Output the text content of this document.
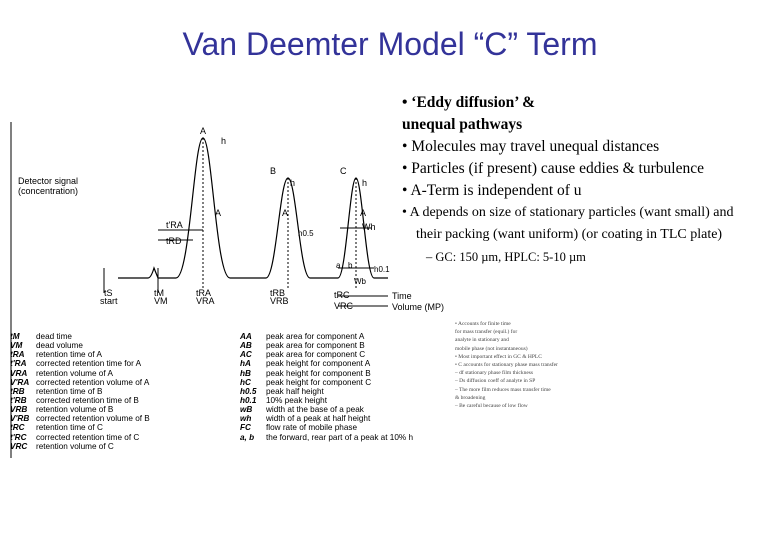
Van Deemter Model “C” Term
Detector signal
(concentration)
A
B	C
h
h	h
A	A	A
t'RA
tRD
h0.5
Wh
a b	h0.1
Wb
tS
start
tM
VM
tRA
VRA
tRB
VRB
tRC
VRC
Time
Volume (MP)
tM dead time
VM dead volume
tRA retention time of A
t'RA corrected retention time for A
VRA retention volume of A
V'RA corrected retention volume of A
tRB retention time of B
t'RB corrected retention time of B
VRB retention volume of B
V'RB corrected retention volume of B
tRC retention time of C
t'RC corrected retention time of C
VRC retention volume of C
AA peak area for component A
AB peak area for component B
AC peak area for component C
hA peak height for component A
hB peak height for component B
hC peak height for component C
h0.5 peak half height
h0.1 10% peak height
wB width at the base of a peak
wh width of a peak at half height
FC flow rate of mobile phase
a, b the forward, rear part of a peak at 10% h
• ‘Eddy diffusion’ &
unequal pathways
• Molecules may travel unequal distances
• Particles (if present) cause eddies & turbulence
• A-Term is independent of u
• A depends on size of stationary particles (want small) and
their packing (want uniform) (or coating in TLC plate)
– GC: 150 µm, HPLC: 5-10 µm
• Accounts for finite time
for mass transfer (equil.) for
analyte in stationary and
mobile phase (not instantaneous)
• Most important effect in GC & HPLC
• C accounts for stationary phase mass transfer
– df stationary phase film thickness
– Ds diffusion coeff of analyte in SP
– The more film reduces mass transfer time
& broadening
– Be careful because of low flow
